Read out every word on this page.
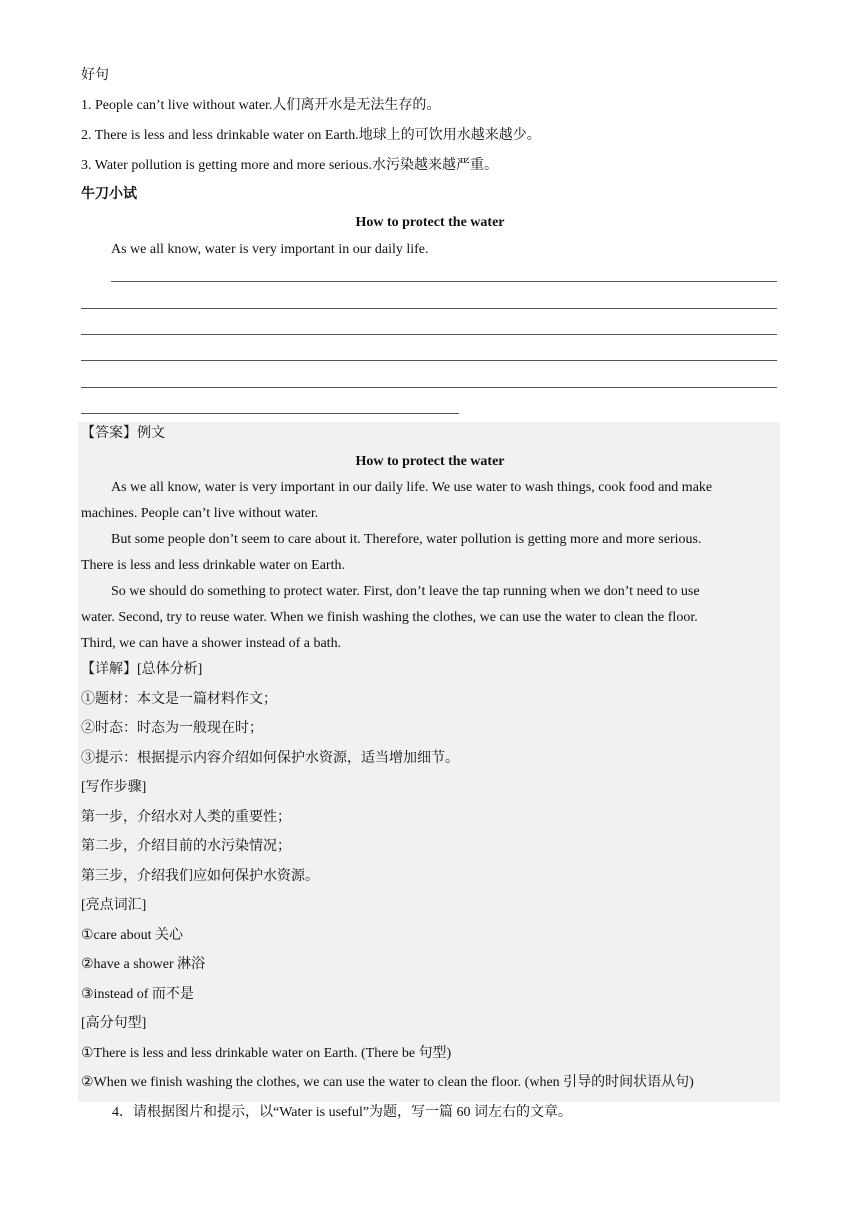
好句
1. People can’t live without water.人们离开水是无法生存的。
2. There is less and less drinkable water on Earth.地球上的可饮用水越来越少。
3. Water pollution is getting more and more serious.水污染越来越严重。
牛刀小试
How to protect the water
As we all know, water is very important in our daily life.
【答案】例文
How to protect the water
As we all know, water is very important in our daily life. We use water to wash things, cook food and make
machines. People can’t live without water.
But some people don’t seem to care about it. Therefore, water pollution is getting more and more serious.
There is less and less drinkable water on Earth.
So we should do something to protect water. First, don’t leave the tap running when we don’t need to use
water. Second, try to reuse water. When we finish washing the clothes, we can use the water to clean the floor.
Third, we can have a shower instead of a bath.
【详解】[总体分析]
①题材：本文是一篇材料作文；
②时态：时态为一般现在时；
③提示：根据提示内容介绍如何保护水资源，适当增加细节。
[写作步骤]
第一步，介绍水对人类的重要性；
第二步，介绍目前的水污染情况；
第三步，介绍我们应如何保护水资源。
[亮点词汇]
①care about 关心
②have a shower 淋浴
③instead of 而不是
[高分句型]
①There is less and less drinkable water on Earth. (There be 句型)
②When we finish washing the clothes, we can use the water to clean the floor. (when 引导的时间状语从句)
4．请根据图片和提示，以“Water is useful”为题，写一篇 60 词左右的文章。
